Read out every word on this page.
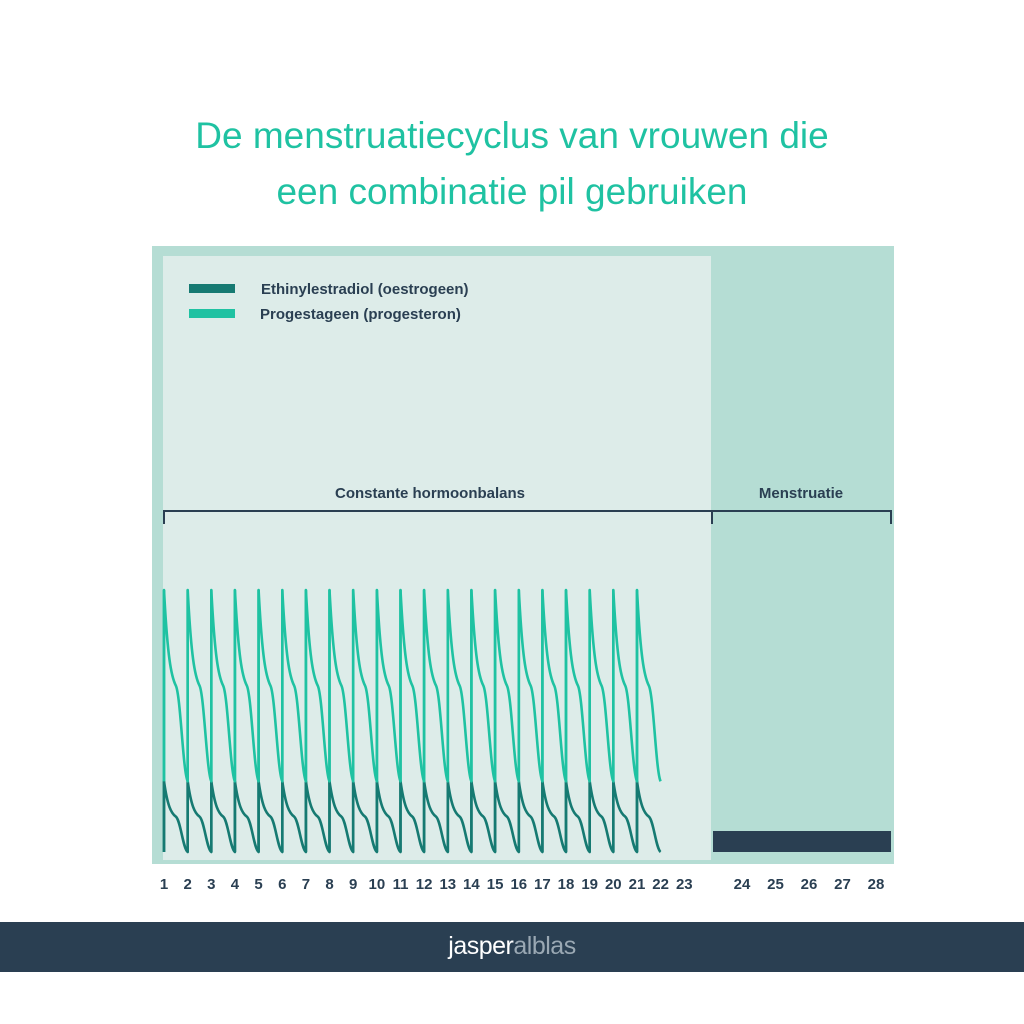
De menstruatiecyclus van vrouwen die
een combinatie pil gebruiken
Ethinylestradiol (oestrogeen)
Progestageen (progesteron)
Constante hormoonbalans	Menstruatie
1 2 3 4 5 6 7 8 9 10 11 12 13 14 15 16 17 18 19 20 21 22 23	24 25 26 27 28
jasperalblas
